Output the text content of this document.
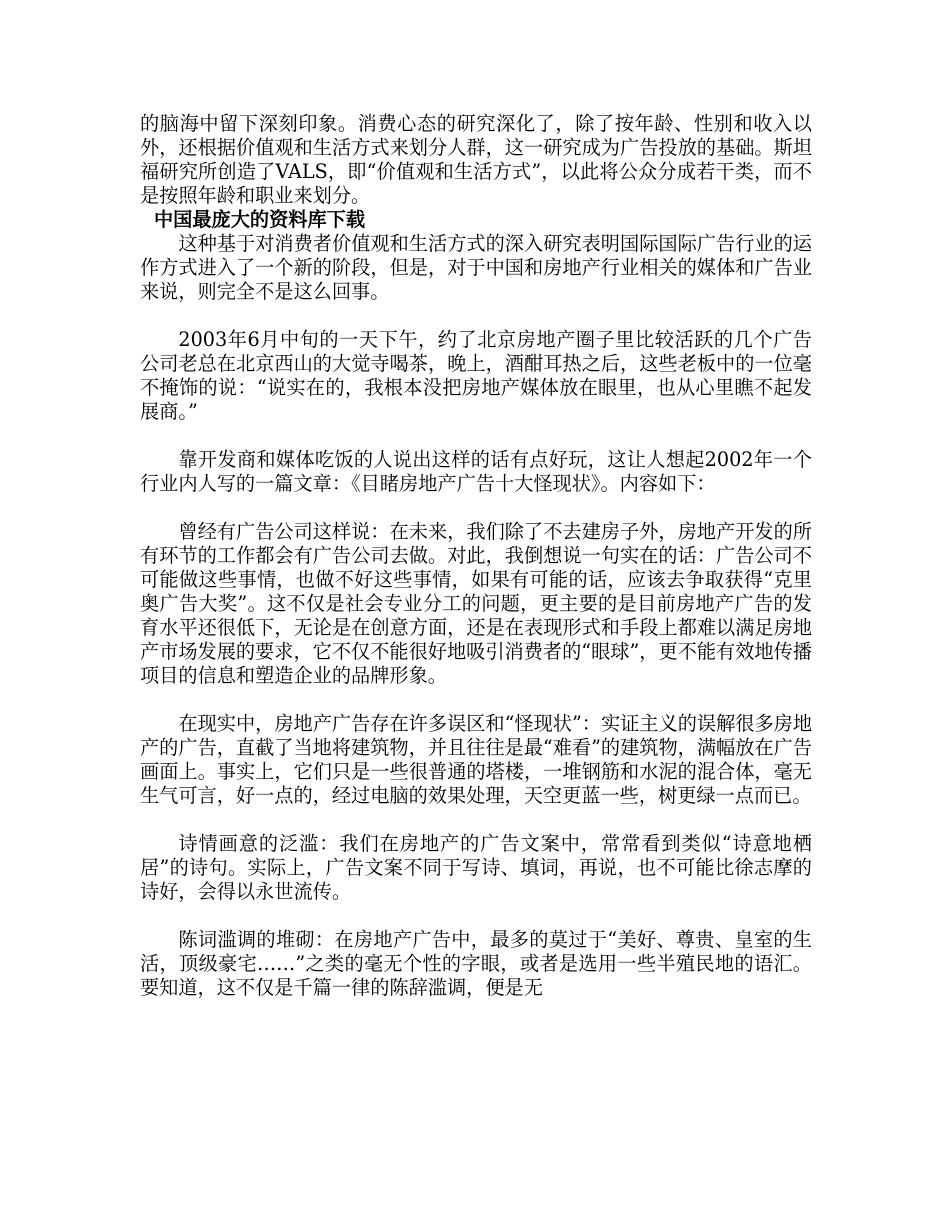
的脑海中留下深刻印象。消费心态的研究深化了，除了按年龄、性别和收入以外，还根据价值观和生活方式来划分人群，这一研究成为广告投放的基础。斯坦福研究所创造了VALS，即“价值观和生活方式”，以此将公众分成若干类，而不是按照年龄和职业来划分。

中国最庞大的资料库下载

这种基于对消费者价值观和生活方式的深入研究表明国际国际广告行业的运作方式进入了一个新的阶段，但是，对于中国和房地产行业相关的媒体和广告业来说，则完全不是这么回事。

2003年6月中旬的一天下午，约了北京房地产圈子里比较活跃的几个广告公司老总在北京西山的大觉寺喝茶，晚上，酒酣耳热之后，这些老板中的一位毫不掩饰的说：“说实在的，我根本没把房地产媒体放在眼里，也从心里瞧不起发展商。”

靠开发商和媒体吃饭的人说出这样的话有点好玩，这让人想起2002年一个行业内人写的一篇文章：《目睹房地产广告十大怪现状》。内容如下：

曾经有广告公司这样说：在未来，我们除了不去建房子外，房地产开发的所有环节的工作都会有广告公司去做。对此，我倒想说一句实在的话：广告公司不可能做这些事情，也做不好这些事情，如果有可能的话，应该去争取获得“克里奥广告大奖”。这不仅是社会专业分工的问题，更主要的是目前房地产广告的发育水平还很低下，无论是在创意方面，还是在表现形式和手段上都难以满足房地产市场发展的要求，它不仅不能很好地吸引消费者的“眼球”，更不能有效地传播项目的信息和塑造企业的品牌形象。

在现实中，房地产广告存在许多误区和“怪现状”：实证主义的误解很多房地产的广告，直截了当地将建筑物，并且往往是最“难看”的建筑物，满幅放在广告画面上。事实上，它们只是一些很普通的塔楼，一堆钢筋和水泥的混合体，毫无生气可言，好一点的，经过电脑的效果处理，天空更蓝一些，树更绿一点而已。

诗情画意的泛滥：我们在房地产的广告文案中，常常看到类似“诗意地栖居”的诗句。实际上，广告文案不同于写诗、填词，再说，也不可能比徐志摩的诗好，会得以永世流传。

陈词滥调的堆砌：在房地产广告中，最多的莫过于“美好、尊贵、皇室的生活，顶级豪宅……”之类的毫无个性的字眼，或者是选用一些半殖民地的语汇。要知道，这不仅是千篇一律的陈辞滥调，便是无
